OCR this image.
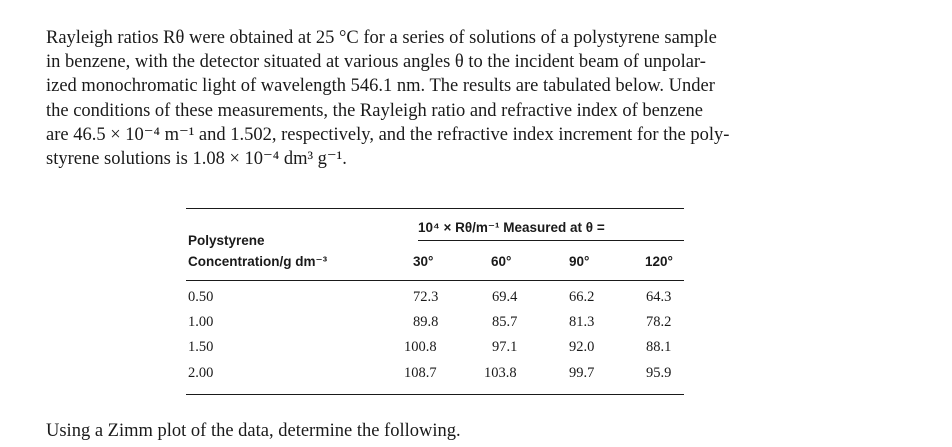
Rayleigh ratios Rθ were obtained at 25 °C for a series of solutions of a polystyrene sample
in benzene, with the detector situated at various angles θ to the incident beam of unpolar-
ized monochromatic light of wavelength 546.1 nm. The results are tabulated below. Under
the conditions of these measurements, the Rayleigh ratio and refractive index of benzene
are 46.5 × 10⁻⁴ m⁻¹ and 1.502, respectively, and the refractive index increment for the poly-
styrene solutions is 1.08 × 10⁻⁴ dm³ g⁻¹.
10⁴ × Rθ/m⁻¹ Measured at θ =
Polystyrene
Concentration/g dm⁻³	30°	60°	90°	120°
0.50	72.3	69.4	66.2	64.3
1.00	89.8	85.7	81.3	78.2
1.50	100.8	97.1	92.0	88.1
2.00	108.7	103.8	99.7	95.9
Using a Zimm plot of the data, determine the following.
